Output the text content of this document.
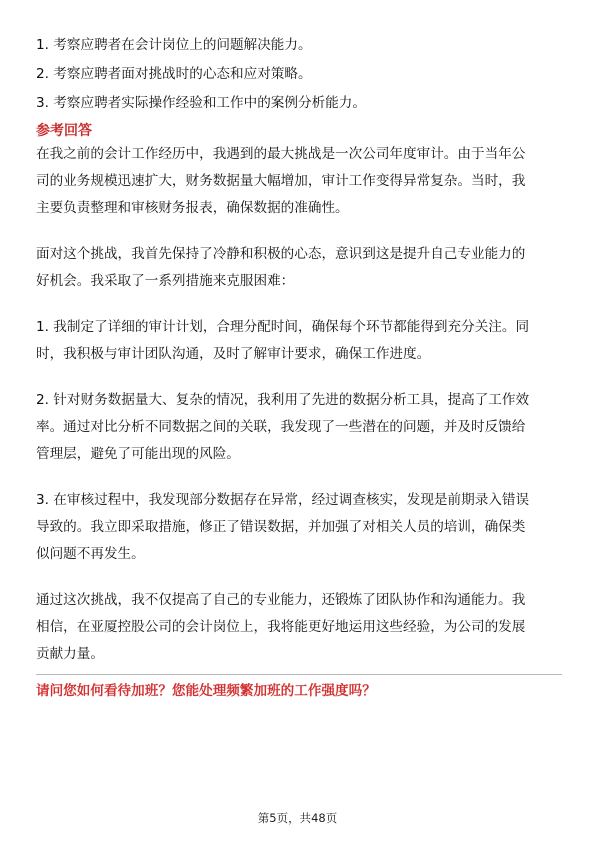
1. 考察应聘者在会计岗位上的问题解决能力。
2. 考察应聘者面对挑战时的心态和应对策略。
3. 考察应聘者实际操作经验和工作中的案例分析能力。
参考回答
在我之前的会计工作经历中，我遇到的最大挑战是一次公司年度审计。由于当年公
司的业务规模迅速扩大，财务数据量大幅增加，审计工作变得异常复杂。当时，我
主要负责整理和审核财务报表，确保数据的准确性。
面对这个挑战，我首先保持了冷静和积极的心态，意识到这是提升自己专业能力的
好机会。我采取了一系列措施来克服困难：
1. 我制定了详细的审计计划，合理分配时间，确保每个环节都能得到充分关注。同
时，我积极与审计团队沟通，及时了解审计要求，确保工作进度。
2. 针对财务数据量大、复杂的情况，我利用了先进的数据分析工具，提高了工作效
率。通过对比分析不同数据之间的关联，我发现了一些潜在的问题，并及时反馈给
管理层，避免了可能出现的风险。
3. 在审核过程中，我发现部分数据存在异常，经过调查核实，发现是前期录入错误
导致的。我立即采取措施，修正了错误数据，并加强了对相关人员的培训，确保类
似问题不再发生。
通过这次挑战，我不仅提高了自己的专业能力，还锻炼了团队协作和沟通能力。我
相信，在亚厦控股公司的会计岗位上，我将能更好地运用这些经验，为公司的发展
贡献力量。
请问您如何看待加班？您能处理频繁加班的工作强度吗？
第5页，共48页
